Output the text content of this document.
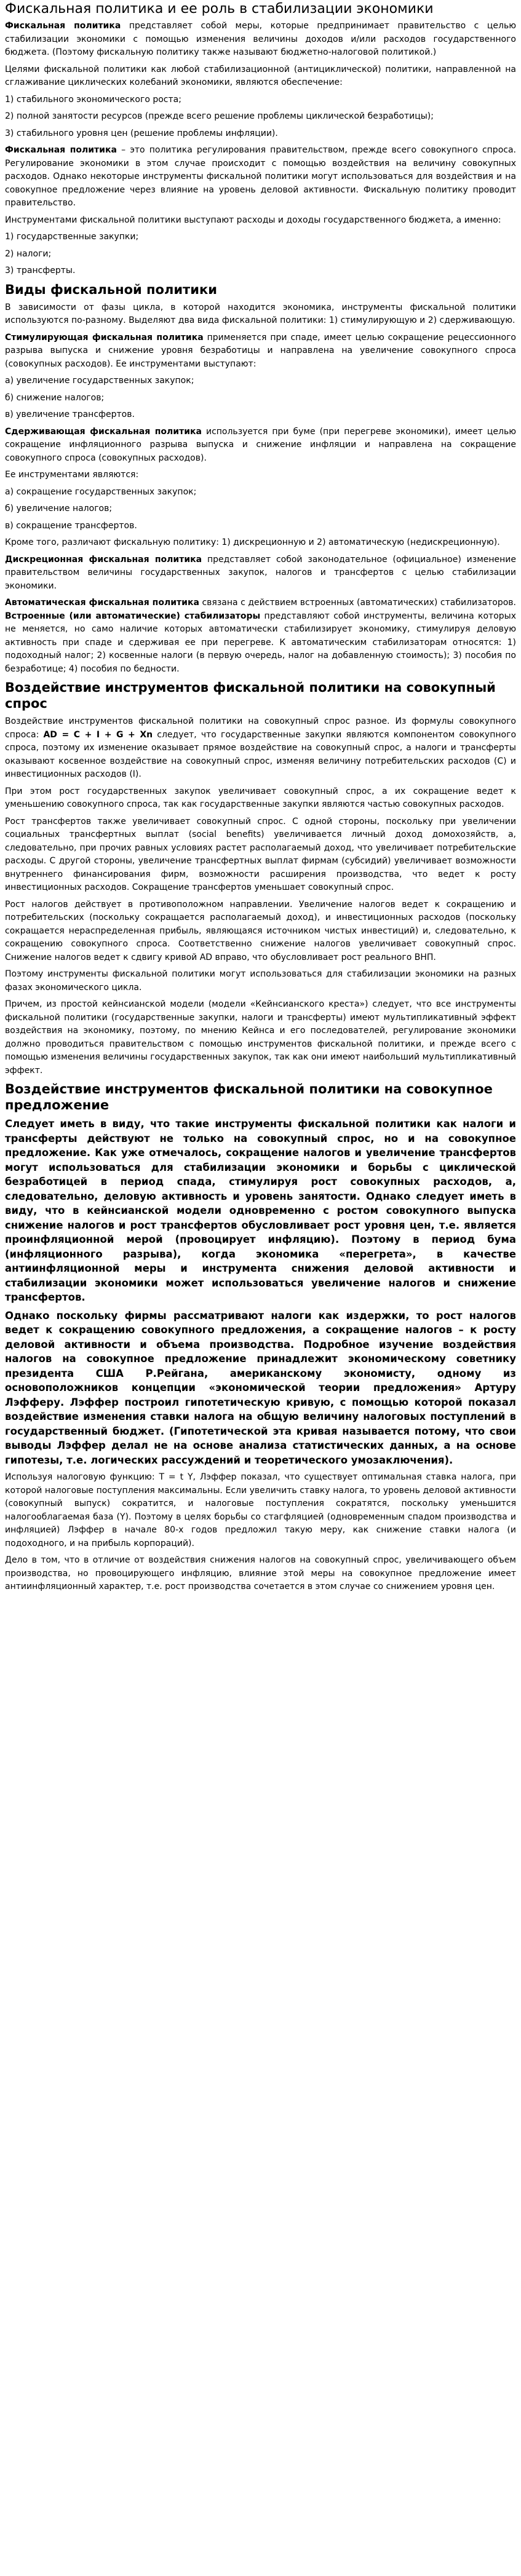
Фискальная политика и ее роль в стабилизации экономики

Фискальная политика представляет собой меры, которые предпринимает правительство с целью стабилизации экономики с помощью изменения величины доходов и/или расходов государственного бюджета. (Поэтому фискальную политику также называют бюджетно-налоговой политикой.)

Целями фискальной политики как любой стабилизационной (антициклической) политики, направленной на сглаживание циклических колебаний экономики, являются обеспечение:

1) стабильного экономического роста;

2) полной занятости ресурсов (прежде всего решение проблемы циклической безработицы);

3) стабильного уровня цен (решение проблемы инфляции).

Фискальная политика – это политика регулирования правительством, прежде всего совокупного спроса. Регулирование экономики в этом случае происходит с помощью воздействия на величину совокупных расходов. Однако некоторые инструменты фискальной политики могут использоваться для воздействия и на совокупное предложение через влияние на уровень деловой активности. Фискальную политику проводит правительство.

Инструментами фискальной политики выступают расходы и доходы государственного бюджета, а именно:

1) государственные закупки;

2) налоги;

3) трансферты.

Виды фискальной политики

В зависимости от фазы цикла, в которой находится экономика, инструменты фискальной политики используются по-разному. Выделяют два вида фискальной политики: 1) стимулирующую и 2) сдерживающую.

Стимулирующая фискальная политика применяется при спаде, имеет целью сокращение рецессионного разрыва выпуска и снижение уровня безработицы и направлена на увеличение совокупного спроса (совокупных расходов). Ее инструментами выступают:

а) увеличение государственных закупок;

б) снижение налогов;

в) увеличение трансфертов.

Сдерживающая фискальная политика используется при буме (при перегреве экономики), имеет целью сокращение инфляционного разрыва выпуска и снижение инфляции и направлена на сокращение совокупного спроса (совокупных расходов).

Ее инструментами являются:

а) сокращение государственных закупок;

б) увеличение налогов;

в) сокращение трансфертов.

Кроме того, различают фискальную политику: 1) дискреционную и 2) автоматическую (недискреционную).

Дискреционная фискальная политика представляет собой законодательное (официальное) изменение правительством величины государственных закупок, налогов и трансфертов с целью стабилизации экономики.

Автоматическая фискальная политика связана с действием встроенных (автоматических) стабилизаторов. Встроенные (или автоматические) стабилизаторы представляют собой инструменты, величина которых не меняется, но само наличие которых автоматически стабилизирует экономику, стимулируя деловую активность при спаде и сдерживая ее при перегреве. К автоматическим стабилизаторам относятся: 1) подоходный налог; 2) косвенные налоги (в первую очередь, налог на добавленную стоимость); 3) пособия по безработице; 4) пособия по бедности.

Воздействие инструментов фискальной политики на совокупный спрос

Воздействие инструментов фискальной политики на совокупный спрос разное. Из формулы совокупного спроса: AD = C + I + G + Xn следует, что государственные закупки являются компонентом совокупного спроса, поэтому их изменение оказывает прямое воздействие на совокупный спрос, а налоги и трансферты оказывают косвенное воздействие на совокупный спрос, изменяя величину потребительских расходов (C) и инвестиционных расходов (I).

При этом рост государственных закупок увеличивает совокупный спрос, а их сокращение ведет к уменьшению совокупного спроса, так как государственные закупки являются частью совокупных расходов.

Рост трансфертов также увеличивает совокупный спрос. С одной стороны, поскольку при увеличении социальных трансфертных выплат (social benefits) увеличивается личный доход домохозяйств, а, следовательно, при прочих равных условиях растет располагаемый доход, что увеличивает потребительские расходы. С другой стороны, увеличение трансфертных выплат фирмам (субсидий) увеличивает возможности внутреннего финансирования фирм, возможности расширения производства, что ведет к росту инвестиционных расходов. Сокращение трансфертов уменьшает совокупный спрос.

Рост налогов действует в противоположном направлении. Увеличение налогов ведет к сокращению и потребительских (поскольку сокращается располагаемый доход), и инвестиционных расходов (поскольку сокращается нераспределенная прибыль, являющаяся источником чистых инвестиций) и, следовательно, к сокращению совокупного спроса. Соответственно снижение налогов увеличивает совокупный спрос. Снижение налогов ведет к сдвигу кривой AD вправо, что обусловливает рост реального ВНП.

Поэтому инструменты фискальной политики могут использоваться для стабилизации экономики на разных фазах экономического цикла.

Причем, из простой кейнсианской модели (модели «Кейнсианского креста») следует, что все инструменты фискальной политики (государственные закупки, налоги и трансферты) имеют мультипликативный эффект воздействия на экономику, поэтому, по мнению Кейнса и его последователей, регулирование экономики должно проводиться правительством с помощью инструментов фискальной политики, и прежде всего с помощью изменения величины государственных закупок, так как они имеют наибольший мультипликативный эффект.

Воздействие инструментов фискальной политики на совокупное предложение

Следует иметь в виду, что такие инструменты фискальной политики как налоги и трансферты действуют не только на совокупный спрос, но и на совокупное предложение. Как уже отмечалось, сокращение налогов и увеличение трансфертов могут использоваться для стабилизации экономики и борьбы с циклической безработицей в период спада, стимулируя рост совокупных расходов, а, следовательно, деловую активность и уровень занятости. Однако следует иметь в виду, что в кейнсианской модели одновременно с ростом совокупного выпуска снижение налогов и рост трансфертов обусловливает рост уровня цен, т.е. является проинфляционной мерой (провоцирует инфляцию). Поэтому в период бума (инфляционного разрыва), когда экономика «перегрета», в качестве антиинфляционной меры и инструмента снижения деловой активности и стабилизации экономики может использоваться увеличение налогов и снижение трансфертов.

Однако поскольку фирмы рассматривают налоги как издержки, то рост налогов ведет к сокращению совокупного предложения, а сокращение налогов – к росту деловой активности и объема производства. Подробное изучение воздействия налогов на совокупное предложение принадлежит экономическому советнику президента США Р.Рейгана, американскому экономисту, одному из основоположников концепции «экономической теории предложения» Артуру Лэфферу. Лэффер построил гипотетическую кривую, с помощью которой показал воздействие изменения ставки налога на общую величину налоговых поступлений в государственный бюджет. (Гипотетической эта кривая называется потому, что свои выводы Лэффер делал не на основе анализа статистических данных, а на основе гипотезы, т.е. логических рассуждений и теоретического умозаключения).

Используя налоговую функцию: T = t Y, Лэффер показал, что существует оптимальная ставка налога, при которой налоговые поступления максимальны. Если увеличить ставку налога, то уровень деловой активности (совокупный выпуск) сократится, и налоговые поступления сократятся, поскольку уменьшится налогооблагаемая база (Y). Поэтому в целях борьбы со стагфляцией (одновременным спадом производства и инфляцией) Лэффер в начале 80-х годов предложил такую меру, как снижение ставки налога (и подоходного, и на прибыль корпораций).

Дело в том, что в отличие от воздействия снижения налогов на совокупный спрос, увеличивающего объем производства, но провоцирующего инфляцию, влияние этой меры на совокупное предложение имеет антиинфляционный характер, т.е. рост производства сочетается в этом случае со снижением уровня цен.
